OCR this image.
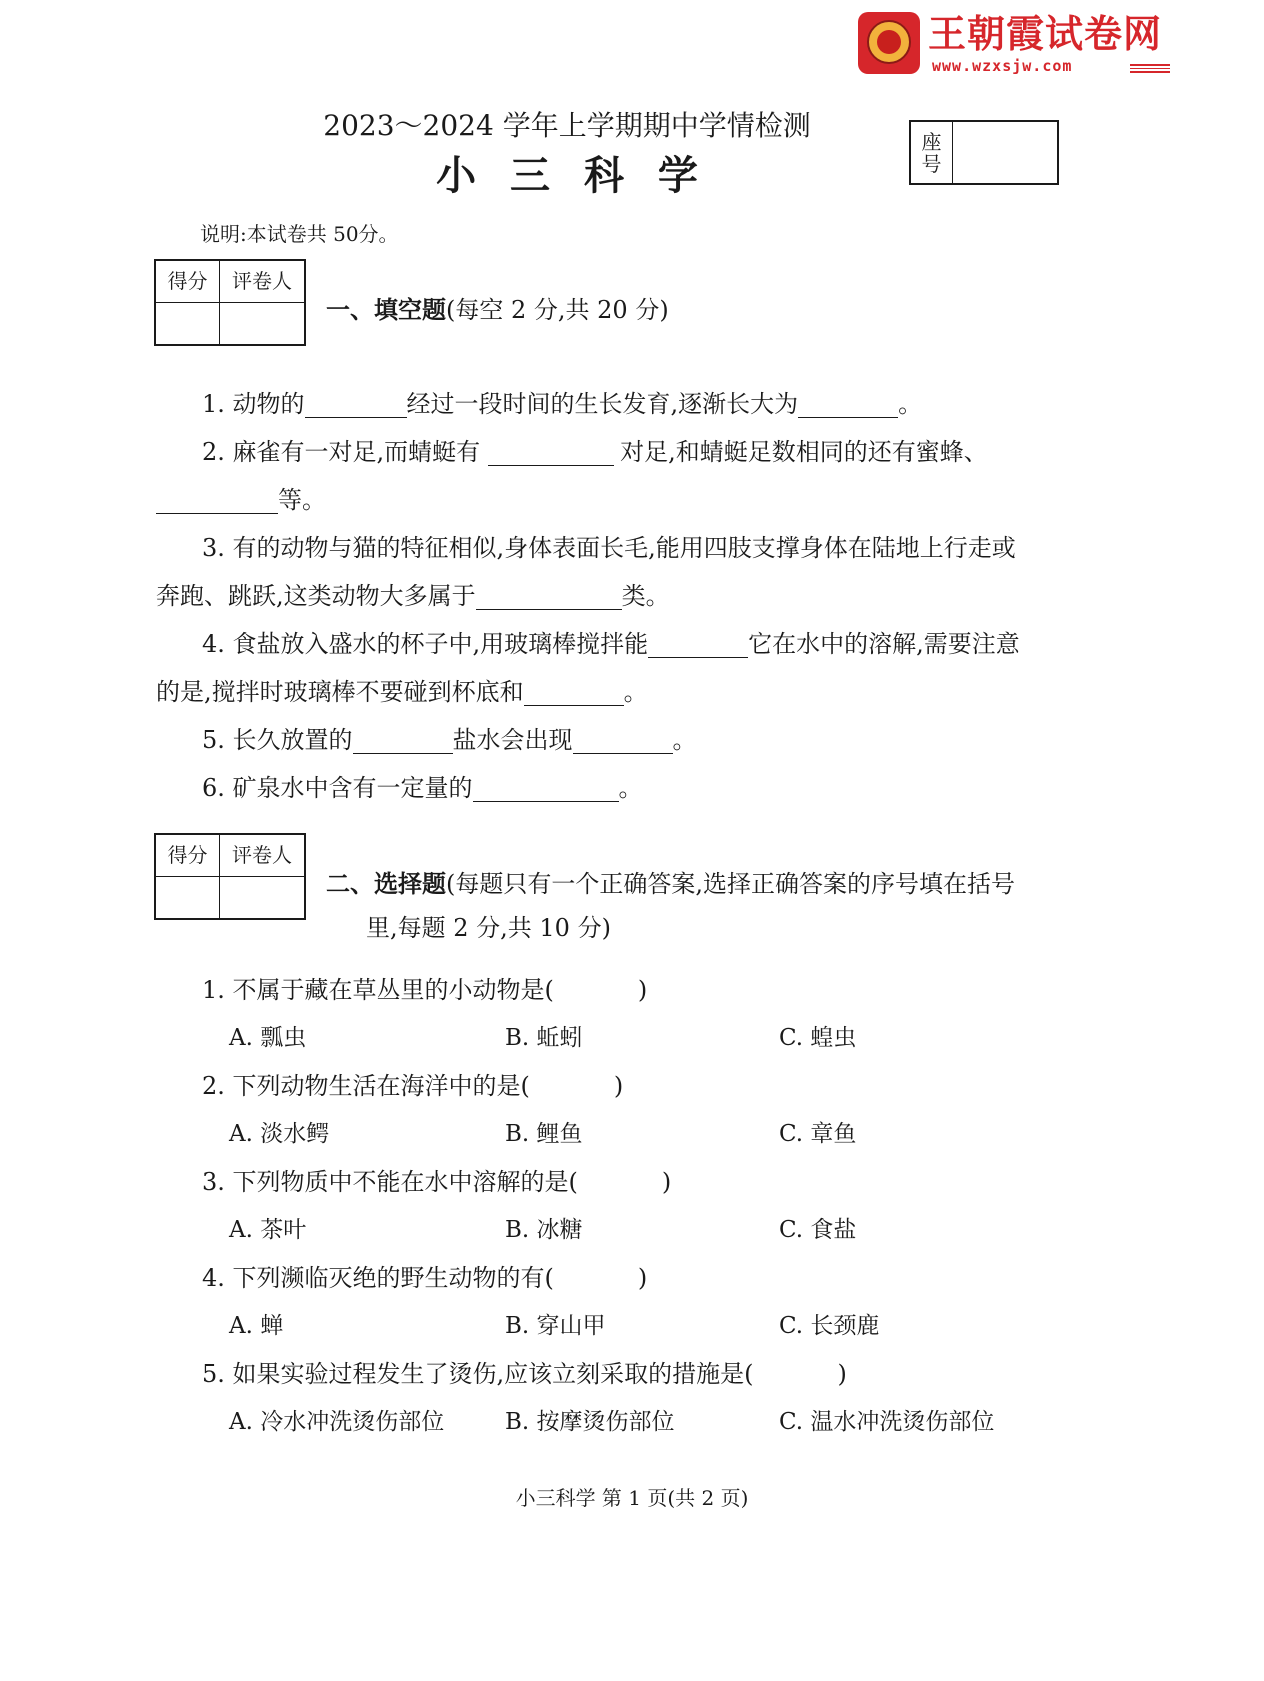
王朝霞试卷网
www.wzxsjw.com
2023～2024 学年上学期期中学情检测
小 三 科 学
座
号
说明:本试卷共 50分。
得分	评卷人
一、填空题(每空 2 分,共 20 分)
1. 动物的	经过一段时间的生长发育,逐渐长大为	。
2. 麻雀有一对足,而蜻蜓有	对足,和蜻蜓足数相同的还有蜜蜂、
等。
3. 有的动物与猫的特征相似,身体表面长毛,能用四肢支撑身体在陆地上行走或
奔跑、跳跃,这类动物大多属于	类。
4. 食盐放入盛水的杯子中,用玻璃棒搅拌能	它在水中的溶解,需要注意
的是,搅拌时玻璃棒不要碰到杯底和	。
5. 长久放置的	盐水会出现	。
6. 矿泉水中含有一定量的	。
得分	评卷人
二、选择题(每题只有一个正确答案,选择正确答案的序号填在括号
里,每题 2 分,共 10 分)
1. 不属于藏在草丛里的小动物是(	)
A. 瓢虫	B. 蚯蚓	C. 蝗虫
2. 下列动物生活在海洋中的是(	)
A. 淡水鳄	B. 鲤鱼	C. 章鱼
3. 下列物质中不能在水中溶解的是(	)
A. 茶叶	B. 冰糖	C. 食盐
4. 下列濒临灭绝的野生动物的有(	)
A. 蝉	B. 穿山甲	C. 长颈鹿
5. 如果实验过程发生了烫伤,应该立刻采取的措施是(	)
A. 冷水冲洗烫伤部位	B. 按摩烫伤部位	C. 温水冲洗烫伤部位
小三科学 第 1 页(共 2 页)
